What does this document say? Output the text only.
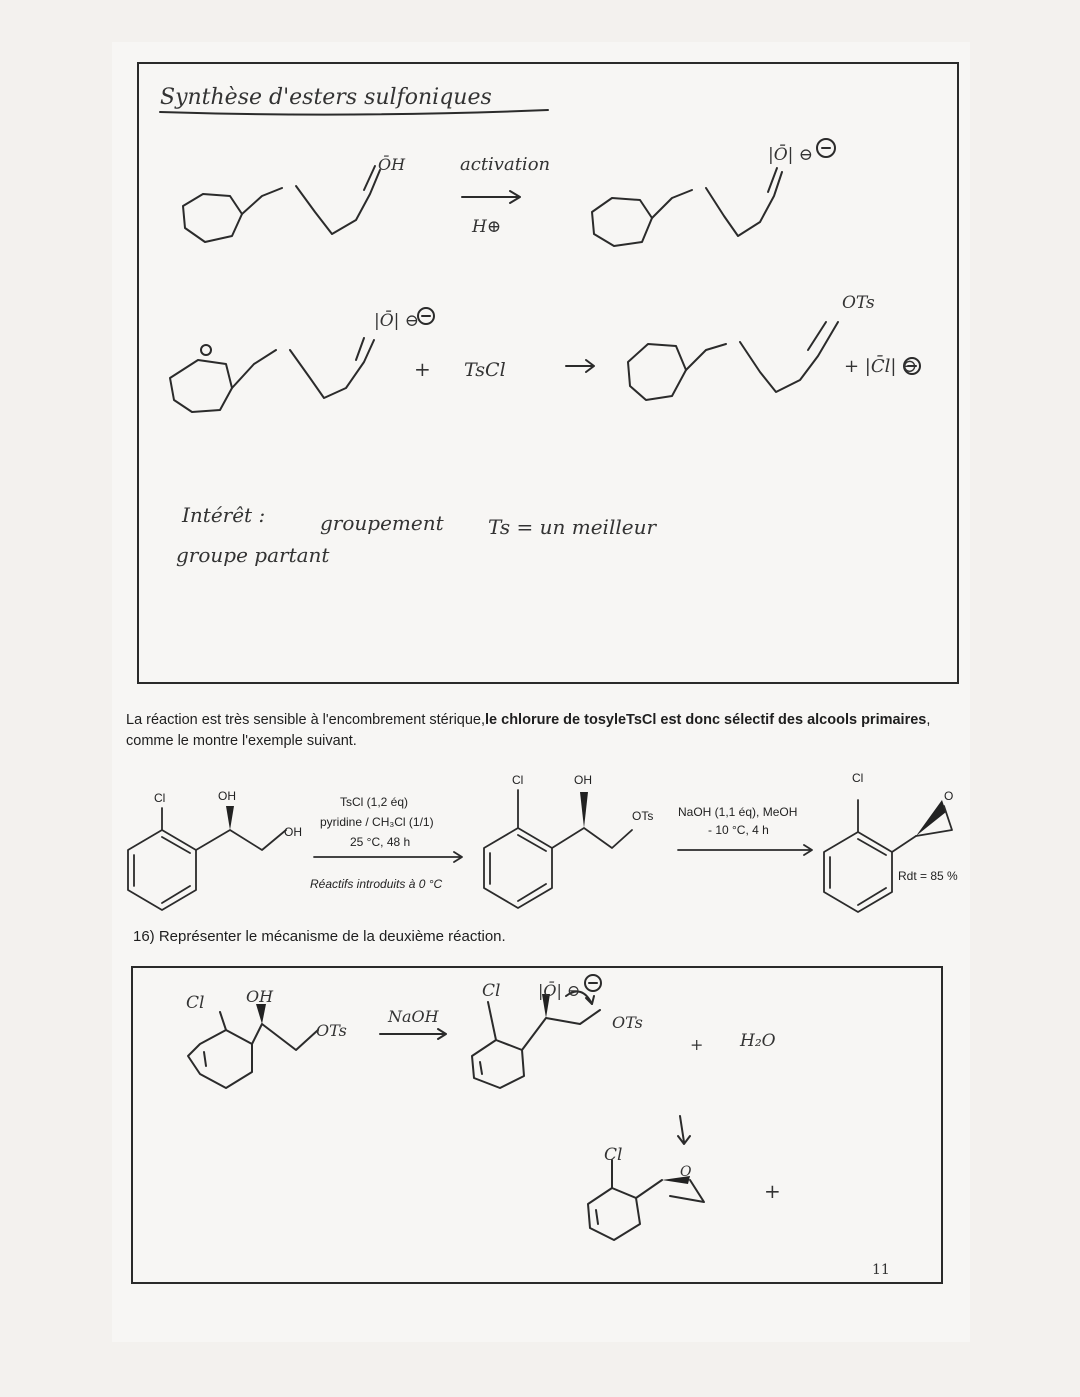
Synthèse d'esters sulfoniques
ŌH	activation
H⊕
|Ō| ⊖
|Ō| ⊖
+ TsCl
OTs
+ |C̄l| ⊖
Intérêt :	groupement Ts = un meilleur
groupe partant
Cl	OH
OH
TsCl (1,2 éq)
pyridine / CH₃Cl (1/1)
25 °C, 48 h
Réactifs introduits à 0 °C
Cl	OH
OTs NaOH (1,1 éq), MeOH
- 10 °C, 4 h
Cl
O
Rdt = 85 %
Cl	OH
OTs
NaOH
Cl |Ō| ⊖
OTs
+ H₂O
Cl
O
+
La réaction est très sensible à l'encombrement stérique,le chlorure de tosyleTsCl est donc sélectif des alcools primaires, comme le montre l'exemple suivant.
16) Représenter le mécanisme de la deuxième réaction.
11
